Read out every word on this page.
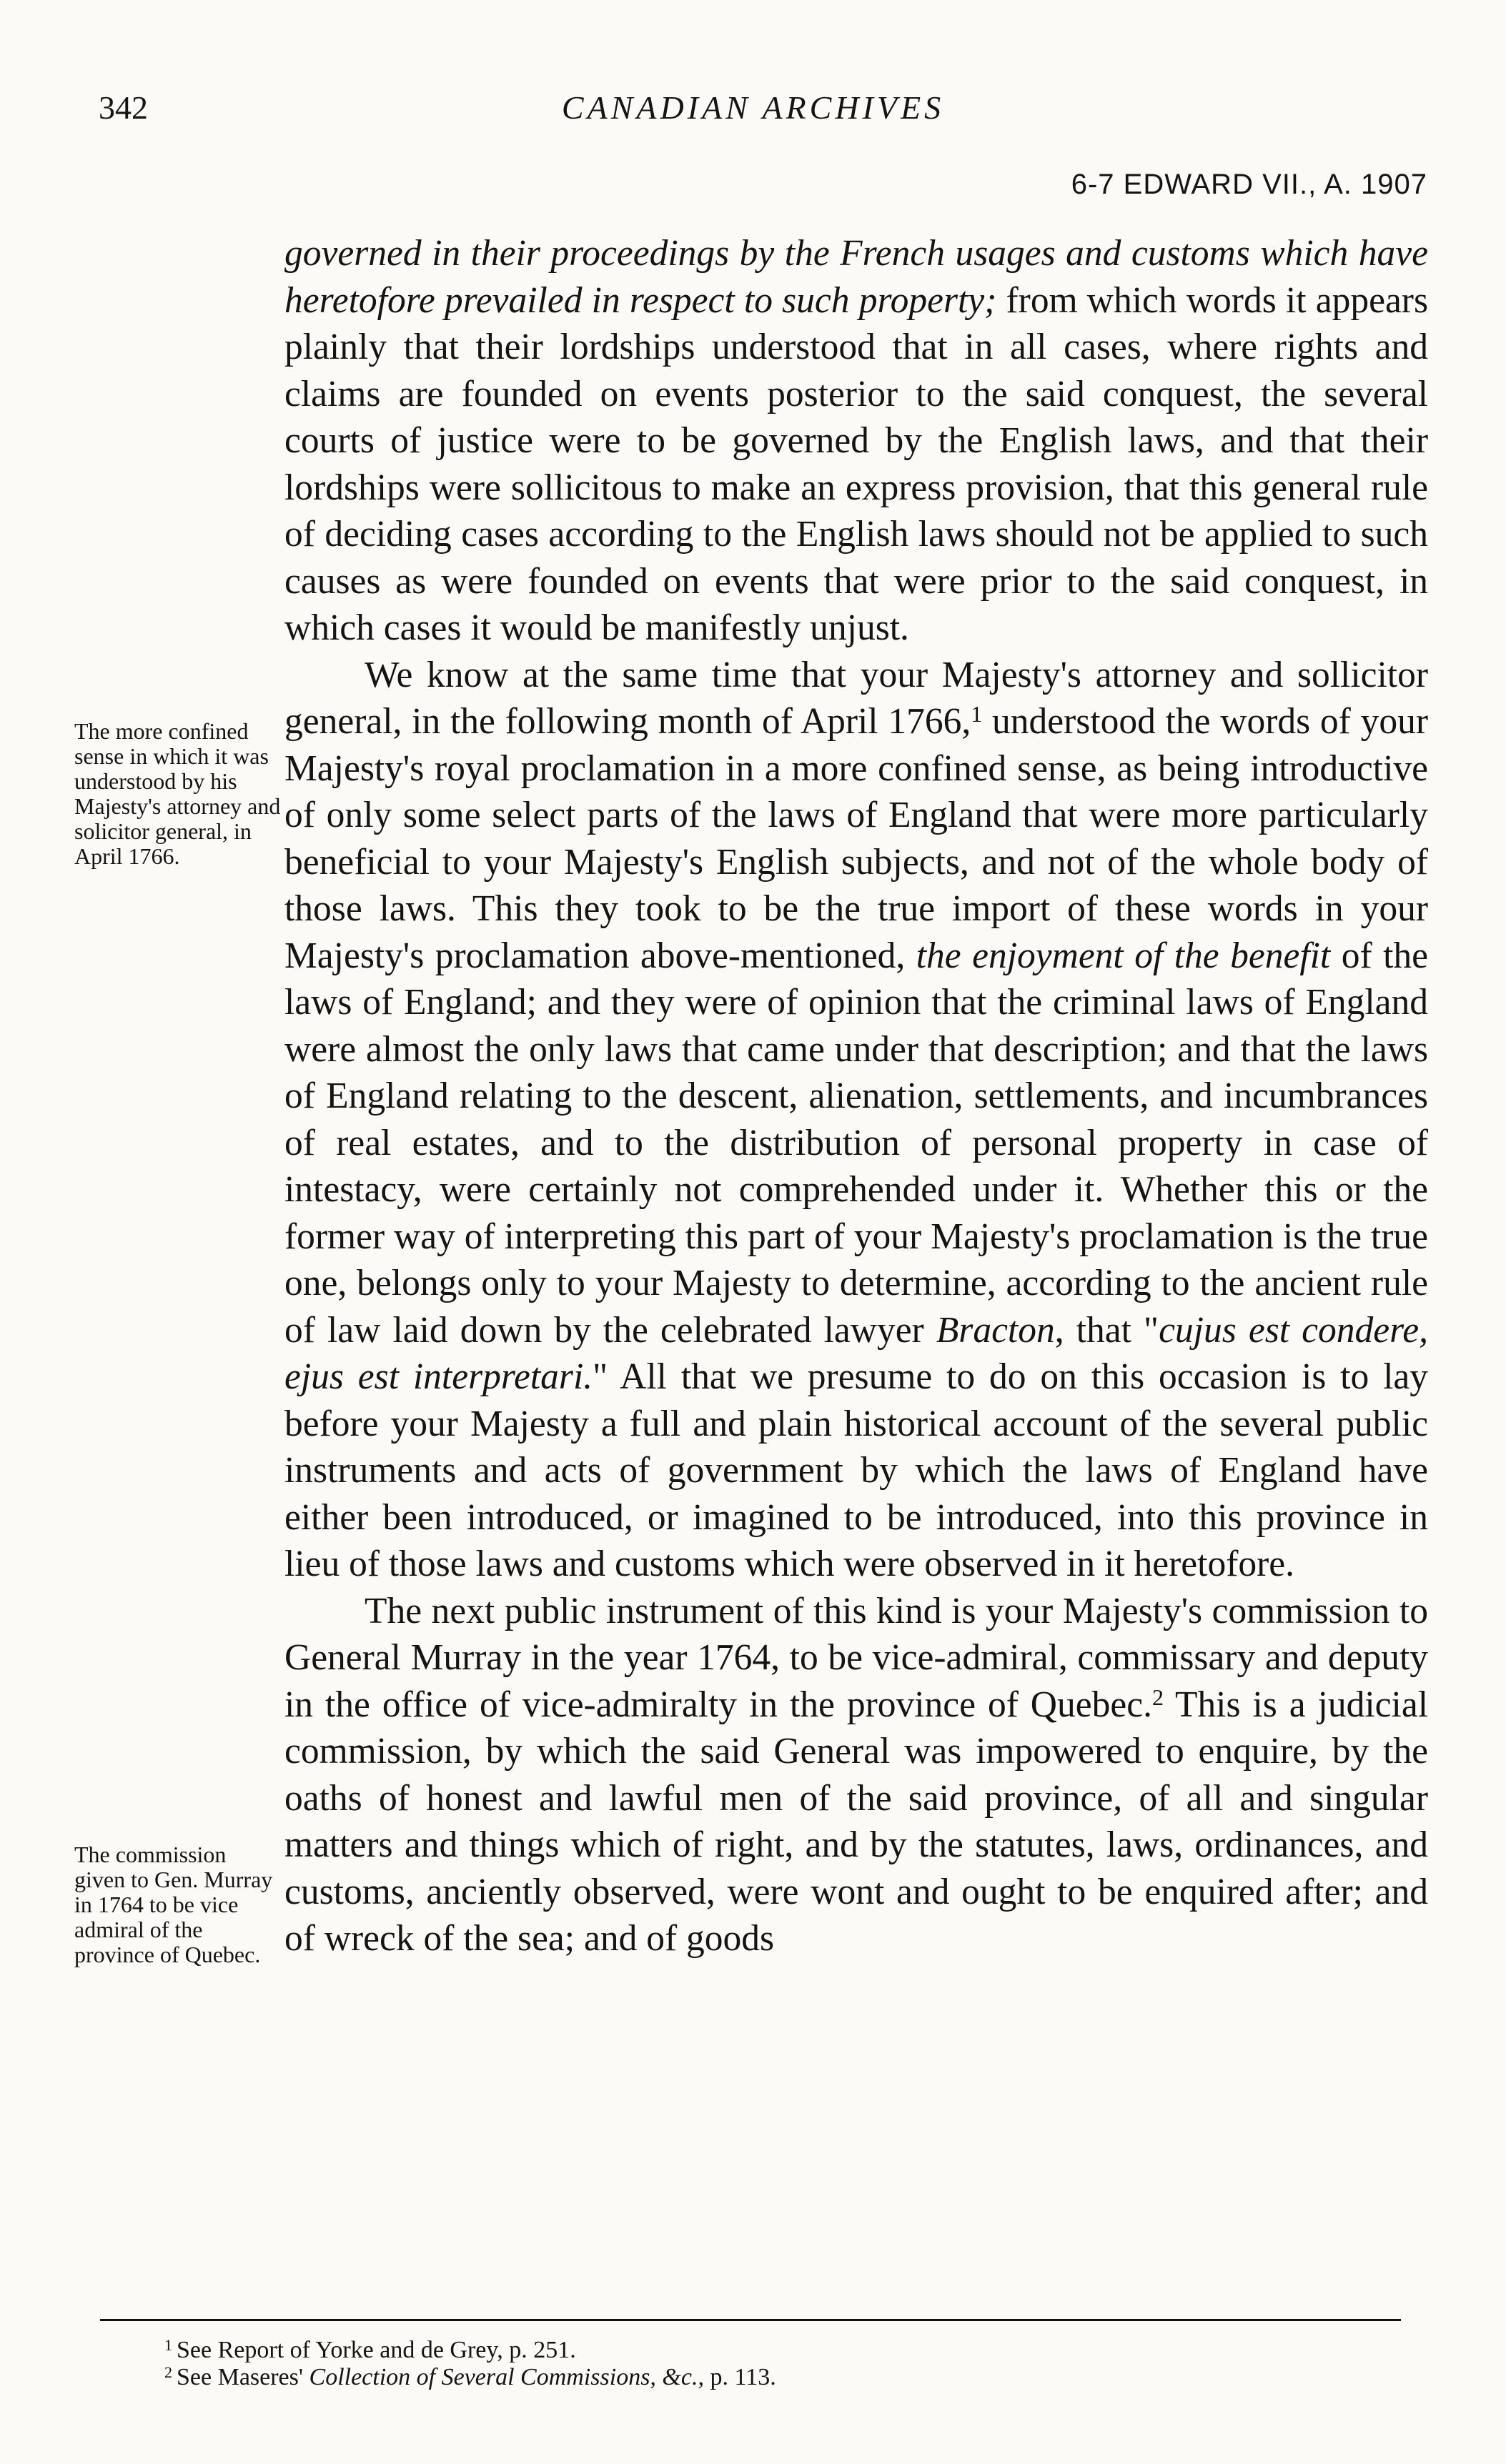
342	CANADIAN ARCHIVES
6-7 EDWARD VII., A. 1907

governed in their proceedings by the French usages and customs which have heretofore prevailed in respect to such property; from which words it appears plainly that their lordships understood that in all cases, where rights and claims are founded on events posterior to the said conquest, the several courts of justice were to be governed by the English laws, and that their lordships were sollicitous to make an express provision, that this general rule of deciding cases according to the English laws should not be applied to such causes as were founded on events that were prior to the said conquest, in which cases it would be manifestly unjust.

We know at the same time that your Majesty's attorney and sollicitor general, in the following month of April 1766,$^1$ understood the words of your Majesty's royal proclamation in a more confined sense, as being introductive of only some select parts of the laws of England that were more particularly beneficial to your Majesty's English subjects, and not of the whole body of those laws. This they took to be the true import of these words in your Majesty's proclamation above-mentioned, the enjoyment of the benefit of the laws of England; and they were of opinion that the criminal laws of England were almost the only laws that came under that description; and that the laws of England relating to the descent, alienation, settlements, and incumbrances of real estates, and to the distribution of personal property in case of intestacy, were certainly not comprehended under it. Whether this or the former way of interpreting this part of your Majesty's proclamation is the true one, belongs only to your Majesty to determine, according to the ancient rule of law laid down by the celebrated lawyer Bracton, that "cujus est condere, ejus est interpretari." All that we presume to do on this occasion is to lay before your Majesty a full and plain historical account of the several public instruments and acts of government by which the laws of England have either been introduced, or imagined to be introduced, into this province in lieu of those laws and customs which were observed in it heretofore.

The next public instrument of this kind is your Majesty's commission to General Murray in the year 1764, to be vice-admiral, commissary and deputy in the office of vice-admiralty in the province of Quebec.$^2$ This is a judicial commission, by which the said General was impowered to enquire, by the oaths of honest and lawful men of the said province, of all and singular matters and things which of right, and by the statutes, laws, ordinances, and customs, anciently observed, were wont and ought to be enquired after; and of wreck of the sea; and of goods

The more confined sense in which it was understood by his Majesty's attorney and solicitor general, in April 1766.
The commission given to Gen. Murray in 1764 to be vice admiral of the province of Quebec.
$^1$ See Report of Yorke and de Grey, p. 251.
$^2$ See Maseres' Collection of Several Commissions, &c., p. 113.
